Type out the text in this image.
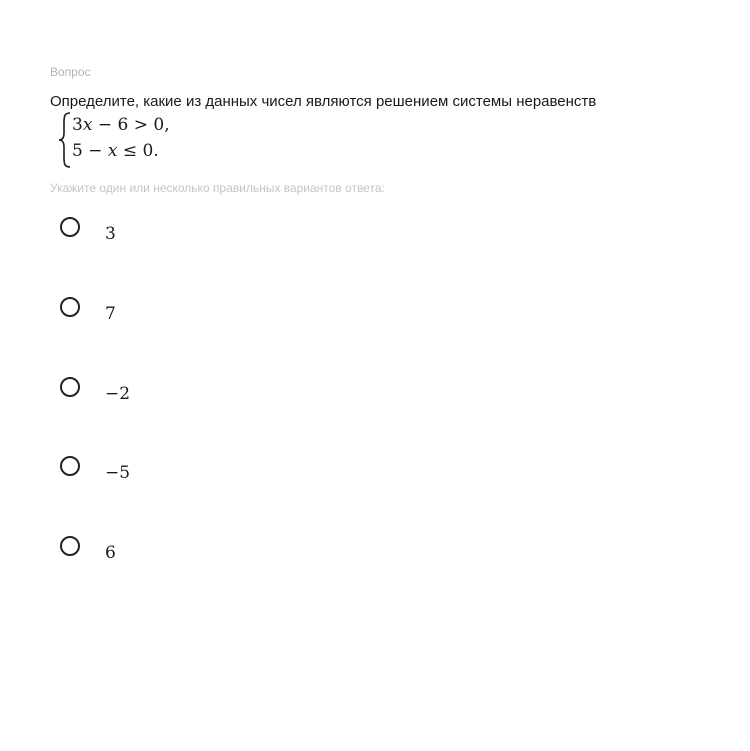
Вопрос
Определите, какие из данных чисел являются решением системы неравенств
3x − 6 > 0,
5 − x ≤ 0.
Укажите один или несколько правильных вариантов ответа:
3
7
−2
−5
6
